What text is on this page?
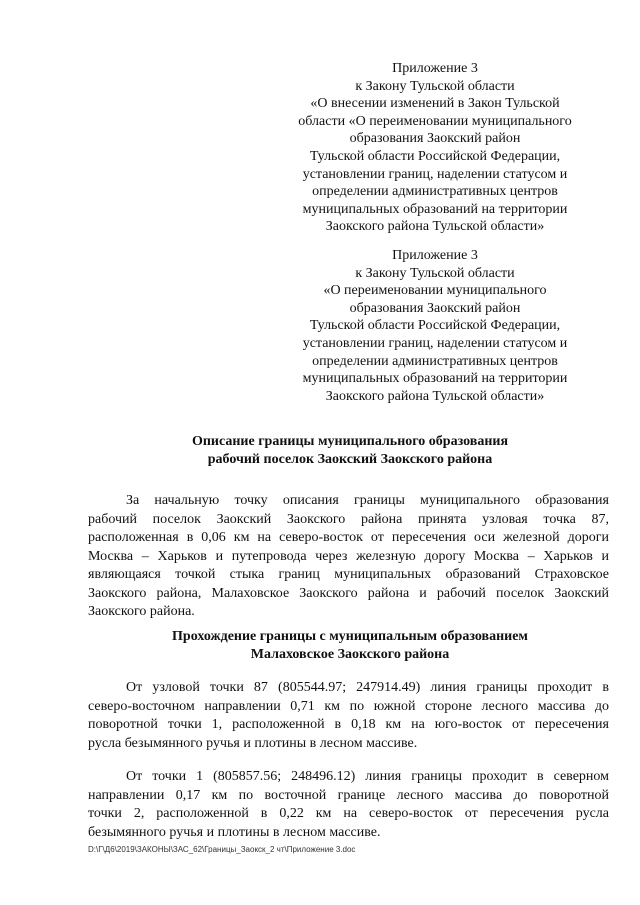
Приложение 3
к Закону Тульской области
«О внесении изменений в Закон Тульской
области «О переименовании муниципального
образования Заокский район
Тульской области Российской Федерации,
установлении границ, наделении статусом и
определении административных центров
муниципальных образований на территории
Заокского района Тульской области»
Приложение 3
к Закону Тульской области
«О переименовании муниципального
образования Заокский район
Тульской области Российской Федерации,
установлении границ, наделении статусом и
определении административных центров
муниципальных образований на территории
Заокского района Тульской области»
Описание границы муниципального образования
рабочий поселок Заокский Заокского района
За начальную точку описания границы муниципального образования
рабочий поселок Заокский Заокского района принята узловая точка 87,
расположенная в 0,06 км на северо-восток от пересечения оси железной дороги
Москва – Харьков и путепровода через железную дорогу Москва – Харьков и
являющаяся точкой стыка границ муниципальных образований Страховское
Заокского района, Малаховское Заокского района и рабочий поселок Заокский
Заокского района.
Прохождение границы с муниципальным образованием
Малаховское Заокского района
От узловой точки 87 (805544.97; 247914.49) линия границы проходит в
северо-восточном направлении 0,71 км по южной стороне лесного массива до
поворотной точки 1, расположенной в 0,18 км на юго-восток от пересечения
русла безымянного ручья и плотины в лесном массиве.
От точки 1 (805857.56; 248496.12) линия границы проходит в северном
направлении 0,17 км по восточной границе лесного массива до поворотной
точки 2, расположенной в 0,22 км на северо-восток от пересечения русла
безымянного ручья и плотины в лесном массиве.
D:\Г\Д6\2019\ЗАКОНЫ\ЗАС_62\Границы_Заокск_2 чт\Приложение 3.doc
